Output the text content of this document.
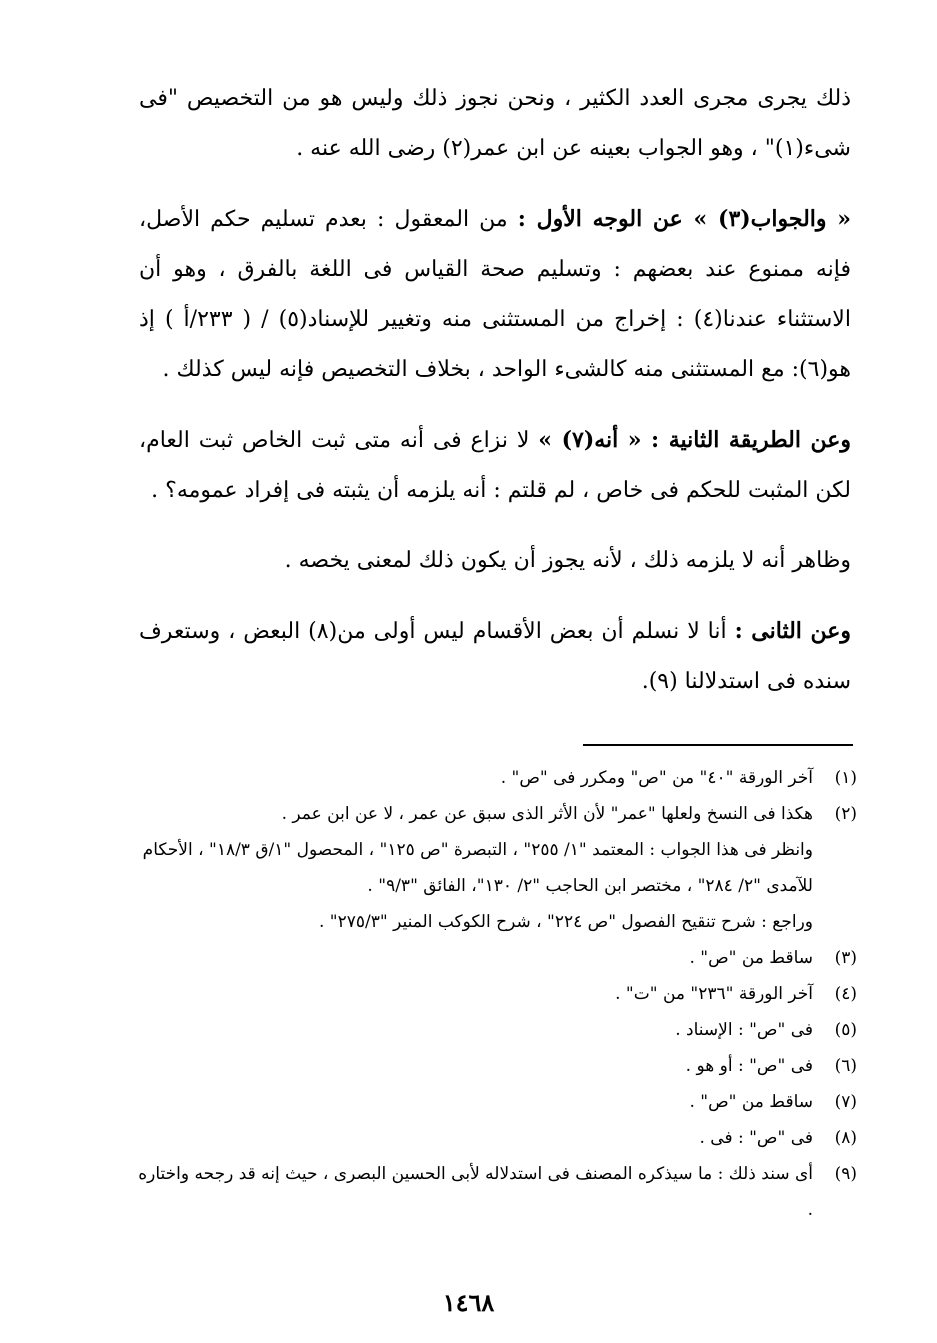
ذلك يجرى مجرى العدد الكثير ، ونحن نجوز ذلك وليس هو من التخصيص "فى شىء(١)" ، وهو الجواب بعينه عن ابن عمر(٢) رضى الله عنه .

« والجواب(٣) » عن الوجه الأول : من المعقول : بعدم تسليم حكم الأصل، فإنه ممنوع عند بعضهم : وتسليم صحة القياس فى اللغة بالفرق ، وهو أن الاستثناء عندنا(٤) : إخراج من المستثنى منه وتغيير للإسناد(٥) / ( ٢٣٣/أ ) إذ هو(٦): مع المستثنى منه كالشىء الواحد ، بخلاف التخصيص فإنه ليس كذلك .

وعن الطريقة الثانية : « أنه(٧) » لا نزاع فى أنه متى ثبت الخاص ثبت العام، لكن المثبت للحكم فى خاص ، لم قلتم : أنه يلزمه أن يثبته فى إفراد عمومه؟ .

وظاهر أنه لا يلزمه ذلك ، لأنه يجوز أن يكون ذلك لمعنى يخصه .

وعن الثانى : أنا لا نسلم أن بعض الأقسام ليس أولى من(٨) البعض ، وستعرف سنده فى استدلالنا (٩).

(١)
آخر الورقة "٤٠" من "ص" ومكرر فى "ص" .
(٢)
هكذا فى النسخ ولعلها "عمر" لأن الأثر الذى سبق عن عمر ، لا عن ابن عمر .
وانظر فى هذا الجواب : المعتمد "١/ ٢٥٥" ، التبصرة "ص ١٢٥" ، المحصول "١/ق ١٨/٣" ، الأحكام للآمدى "٢/ ٢٨٤" ، مختصر ابن الحاجب "٢/ ١٣٠"، الفائق "٩/٣" .
وراجع : شرح تنقيح الفصول "ص ٢٢٤" ، شرح الكوكب المنير "٢٧٥/٣" .
(٣)
ساقط من "ص" .
(٤)
آخر الورقة "٢٣٦" من "ت" .
(٥)
فى "ص" : الإسناد .
(٦)
فى "ص" : أو هو .
(٧)
ساقط من "ص" .
(٨)
فى "ص" : فى .
(٩)
أى سند ذلك : ما سيذكره المصنف فى استدلاله لأبى الحسين البصرى ، حيث إنه قد رجحه واختاره .
١٤٦٨
